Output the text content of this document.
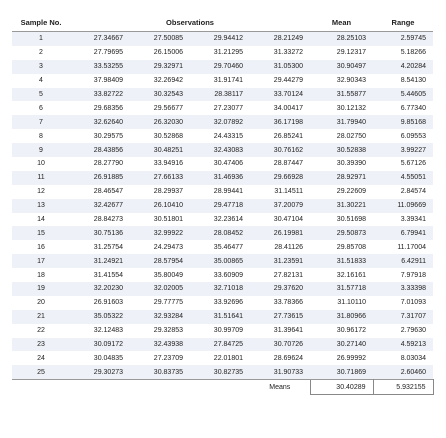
Sample No.	Observations				Mean	Range
1	27.34667	27.50085	29.94412	28.21249	28.25103	2.59745
2	27.79695	26.15006	31.21295	31.33272	29.12317	5.18266
3	33.53255	29.32971	29.70460	31.05300	30.90497	4.20284
4	37.98409	32.26942	31.91741	29.44279	32.90343	8.54130
5	33.82722	30.32543	28.38117	33.70124	31.55877	5.44605
6	29.68356	29.56677	27.23077	34.00417	30.12132	6.77340
7	32.62640	26.32030	32.07892	36.17198	31.79940	9.85168
8	30.29575	30.52868	24.43315	26.85241	28.02750	6.09553
9	28.43856	30.48251	32.43083	30.76162	30.52838	3.99227
10	28.27790	33.94916	30.47406	28.87447	30.39390	5.67126
11	26.91885	27.66133	31.46936	29.66928	28.92971	4.55051
12	28.46547	28.29937	28.99441	31.14511	29.22609	2.84574
13	32.42677	26.10410	29.47718	37.20079	31.30221	11.09669
14	28.84273	30.51801	32.23614	30.47104	30.51698	3.39341
15	30.75136	32.99922	28.08452	26.19981	29.50873	6.79941
16	31.25754	24.29473	35.46477	28.41126	29.85708	11.17004
17	31.24921	28.57954	35.00865	31.23591	31.51833	6.42911
18	31.41554	35.80049	33.60909	27.82131	32.16161	7.97918
19	32.20230	32.02005	32.71018	29.37620	31.57718	3.33398
20	26.91603	29.77775	33.92696	33.78366	31.10110	7.01093
21	35.05322	32.93284	31.51641	27.73615	31.80966	7.31707
22	32.12483	29.32853	30.99709	31.39641	30.96172	2.79630
23	30.09172	32.43938	27.84725	30.70726	30.27140	4.59213
24	30.04835	27.23709	22.01801	28.69624	26.99992	8.03034
25	29.30273	30.83735	30.82735	31.90733	30.71869	2.60460
				Means	30.40289	5.932155
